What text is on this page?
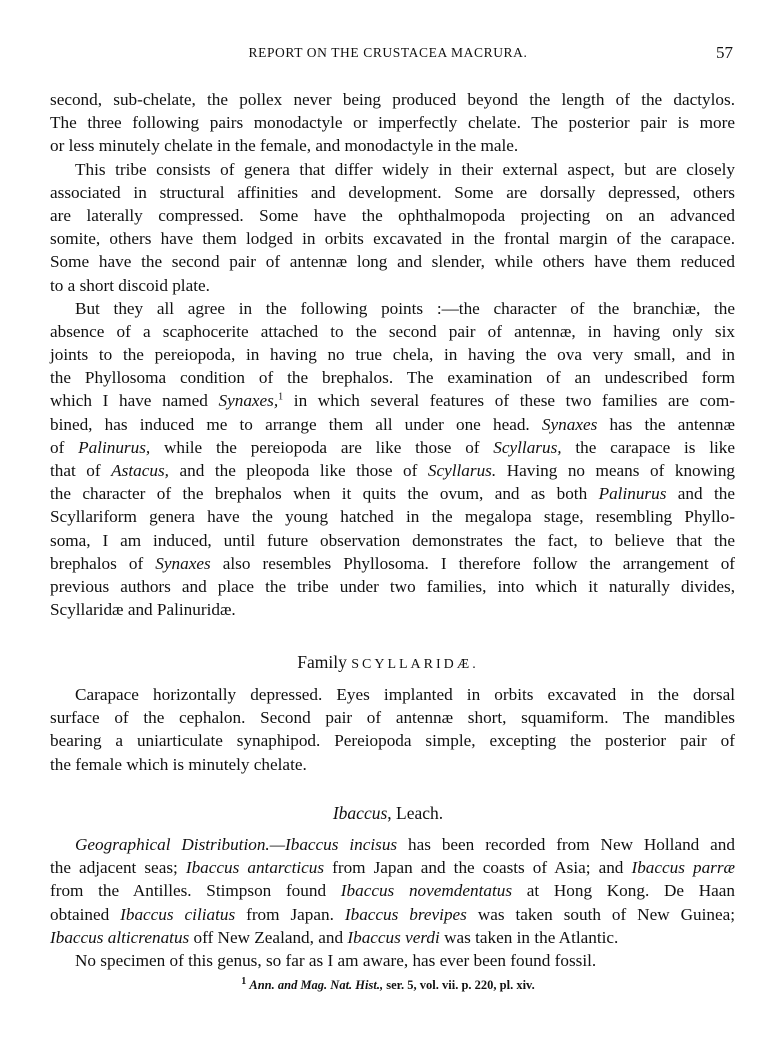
REPORT ON THE CRUSTACEA MACRURA.	57
second, sub-chelate, the pollex never being produced beyond the length of the dactylos.
The three following pairs monodactyle or imperfectly chelate. The posterior pair is more
or less minutely chelate in the female, and monodactyle in the male.
This tribe consists of genera that differ widely in their external aspect, but are closely
associated in structural affinities and development. Some are dorsally depressed, others
are laterally compressed. Some have the ophthalmopoda projecting on an advanced
somite, others have them lodged in orbits excavated in the frontal margin of the carapace.
Some have the second pair of antennæ long and slender, while others have them reduced
to a short discoid plate.
But they all agree in the following points :—the character of the branchiæ, the
absence of a scaphocerite attached to the second pair of antennæ, in having only six
joints to the pereiopoda, in having no true chela, in having the ova very small, and in
the Phyllosoma condition of the brephalos. The examination of an undescribed form
which I have named Synaxes,$^1$ in which several features of these two families are com-
bined, has induced me to arrange them all under one head. Synaxes has the antennæ
of Palinurus, while the pereiopoda are like those of Scyllarus, the carapace is like
that of Astacus, and the pleopoda like those of Scyllarus. Having no means of knowing
the character of the brephalos when it quits the ovum, and as both Palinurus and the
Scyllariform genera have the young hatched in the megalopa stage, resembling Phyllo-
soma, I am induced, until future observation demonstrates the fact, to believe that the
brephalos of Synaxes also resembles Phyllosoma. I therefore follow the arrangement of
previous authors and place the tribe under two families, into which it naturally divides,
Scyllaridæ and Palinuridæ.
Family SCYLLARIDÆ.
Carapace horizontally depressed. Eyes implanted in orbits excavated in the dorsal
surface of the cephalon. Second pair of antennæ short, squamiform. The mandibles
bearing a uniarticulate synaphipod. Pereiopoda simple, excepting the posterior pair of
the female which is minutely chelate.
Ibaccus, Leach.
Geographical Distribution.—Ibaccus incisus has been recorded from New Holland and
the adjacent seas; Ibaccus antarcticus from Japan and the coasts of Asia; and Ibaccus parræ
from the Antilles. Stimpson found Ibaccus novemdentatus at Hong Kong. De Haan
obtained Ibaccus ciliatus from Japan. Ibaccus brevipes was taken south of New Guinea;
Ibaccus alticrenatus off New Zealand, and Ibaccus verdi was taken in the Atlantic.
No specimen of this genus, so far as I am aware, has ever been found fossil.
$^1$ Ann. and Mag. Nat. Hist., ser. 5, vol. vii. p. 220, pl. xiv.
